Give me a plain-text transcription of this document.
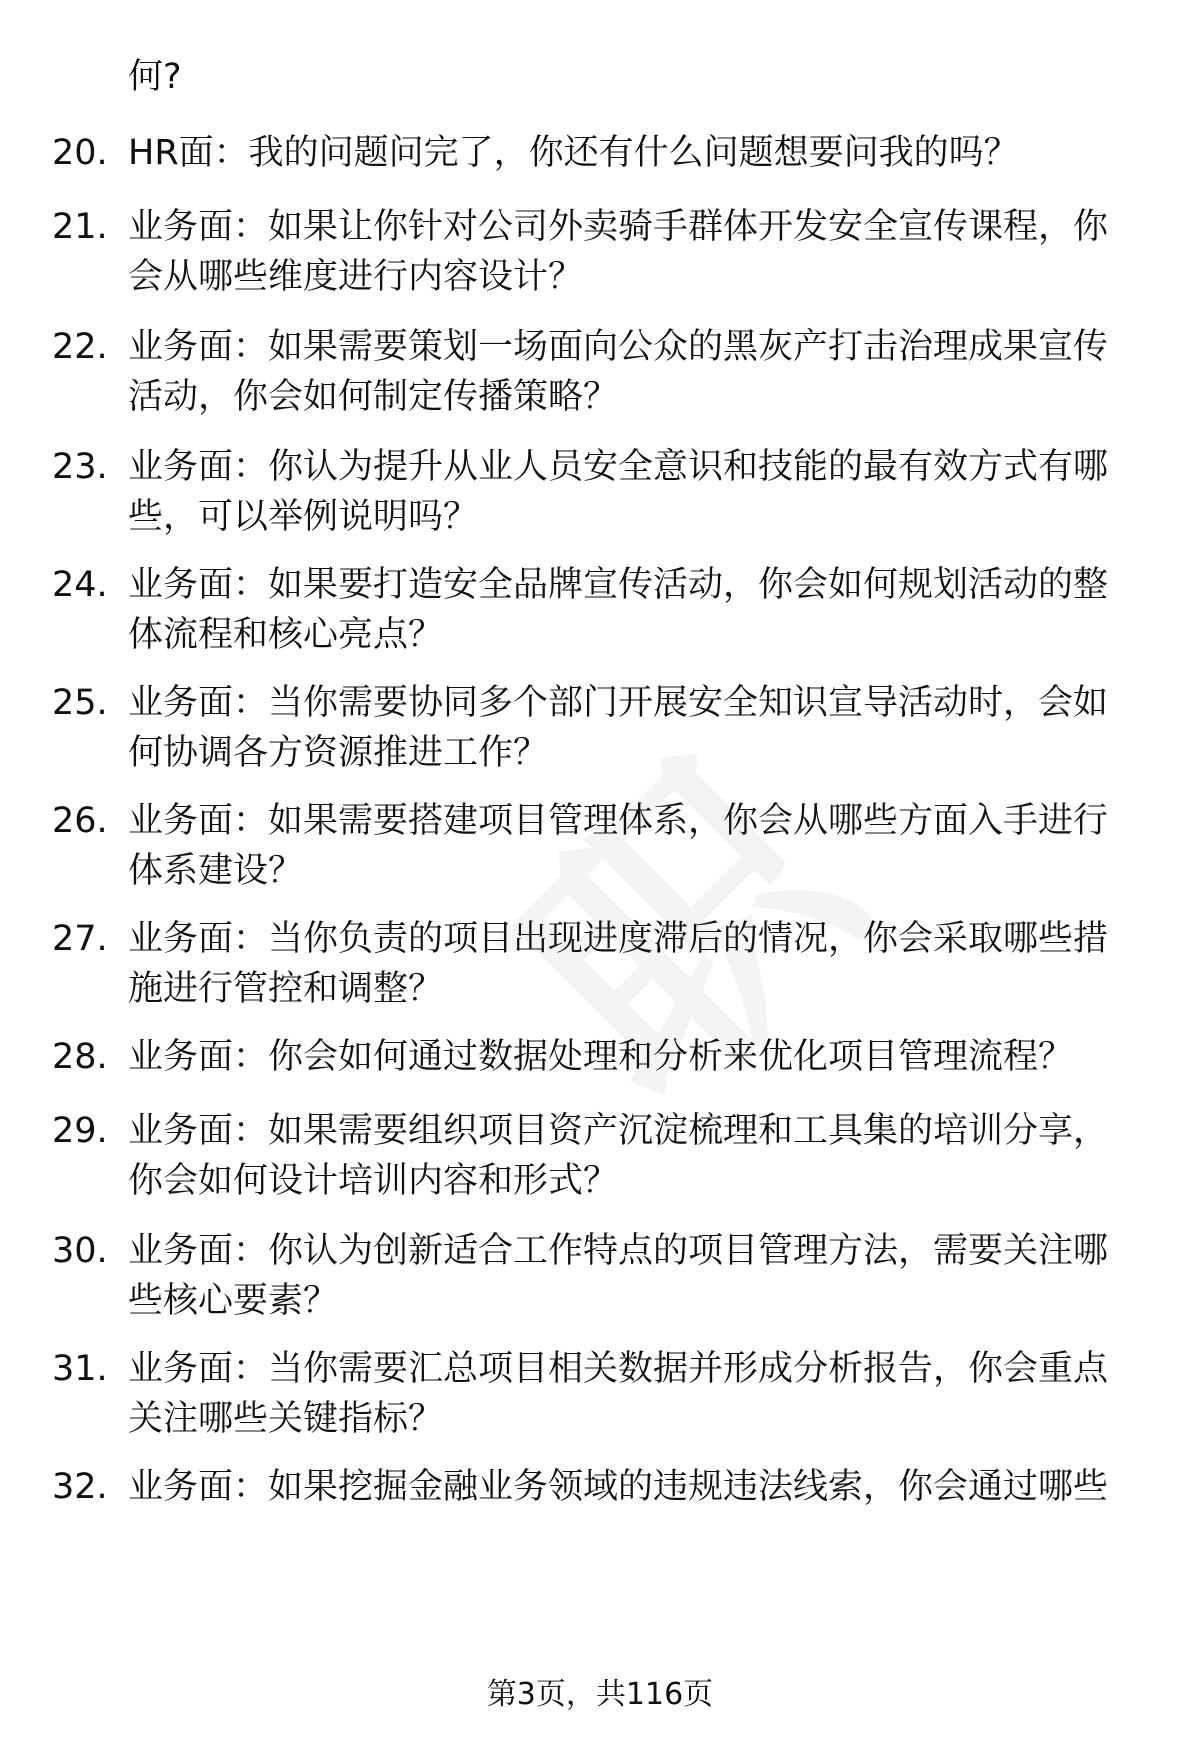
何?
20. HR面：我的问题问完了，你还有什么问题想要问我的吗？
21. 业务面：如果让你针对公司外卖骑手群体开发安全宣传课程，你
会从哪些维度进行内容设计？
22. 业务面：如果需要策划一场面向公众的黑灰产打击治理成果宣传
活动，你会如何制定传播策略？
23. 业务面：你认为提升从业人员安全意识和技能的最有效方式有哪
些，可以举例说明吗？
24. 业务面：如果要打造安全品牌宣传活动，你会如何规划活动的整
体流程和核心亮点？
25. 业务面：当你需要协同多个部门开展安全知识宣导活动时，会如
何协调各方资源推进工作？
26. 业务面：如果需要搭建项目管理体系，你会从哪些方面入手进行
体系建设？
27. 业务面：当你负责的项目出现进度滞后的情况，你会采取哪些措
施进行管控和调整？
28. 业务面：你会如何通过数据处理和分析来优化项目管理流程？
29. 业务面：如果需要组织项目资产沉淀梳理和工具集的培训分享，
你会如何设计培训内容和形式？
30. 业务面：你认为创新适合工作特点的项目管理方法，需要关注哪
些核心要素？
31. 业务面：当你需要汇总项目相关数据并形成分析报告，你会重点
关注哪些关键指标？
32. 业务面：如果挖掘金融业务领域的违规违法线索，你会通过哪些
第3页，共116页
